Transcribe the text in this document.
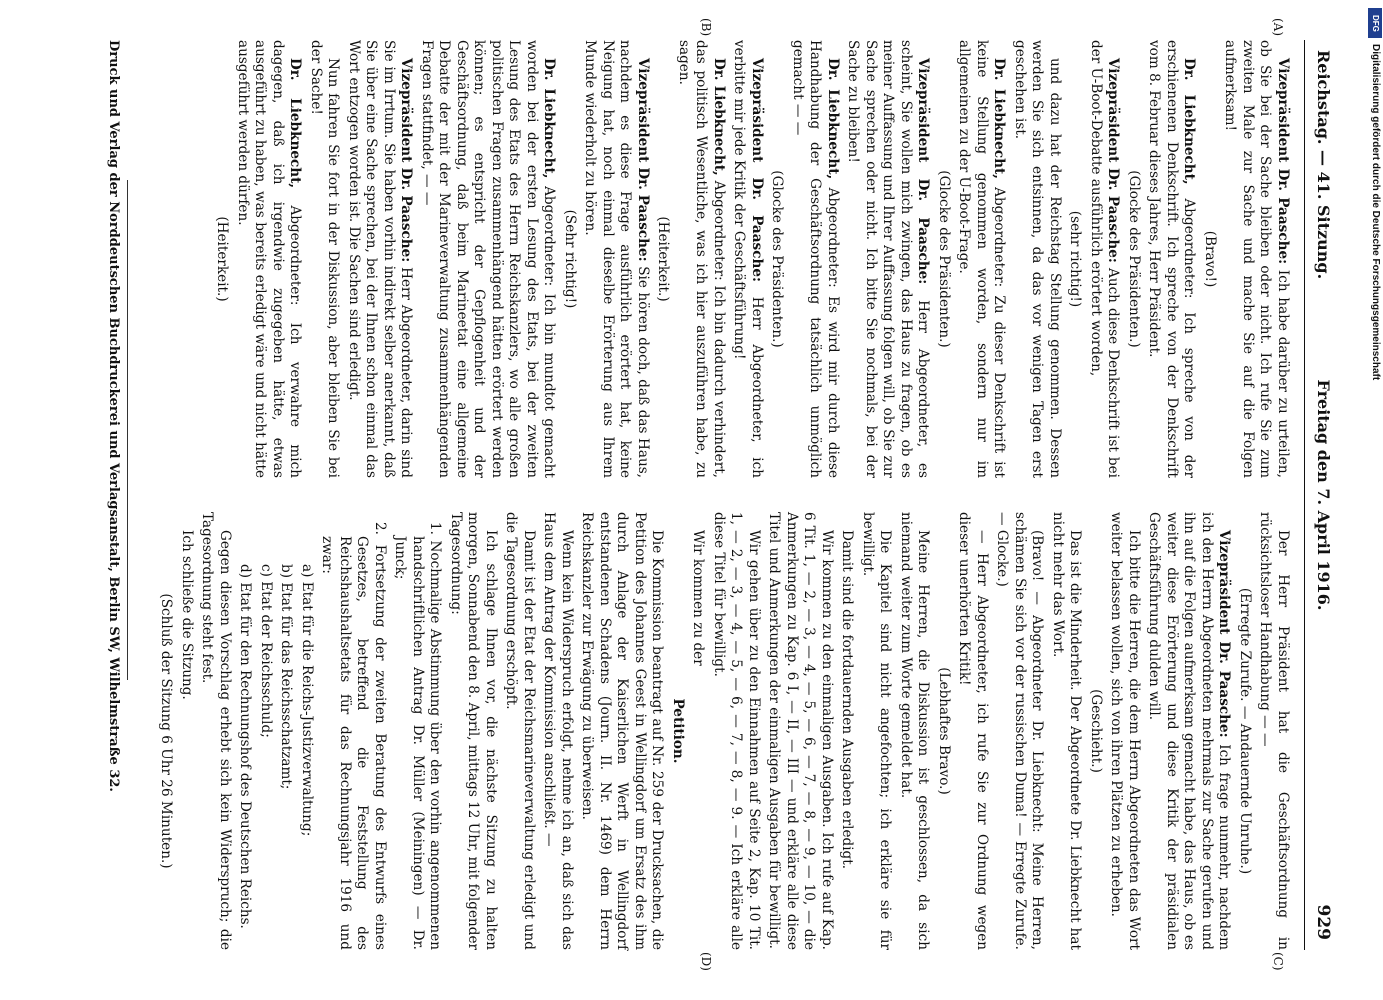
Reichstag. — 41. Sitzung.
Freitag den 7. April 1916.
929
(A)
(B)
(C)
(D)

Vizepräsident Dr. Paasche: Ich habe darüber zu urteilen, ob Sie bei der Sache bleiben oder nicht. Ich rufe Sie zum zweiten Male zur Sache und mache Sie auf die Folgen aufmerksam!

(Bravo!)

Dr. Liebknecht, Abgeordneter: Ich spreche von der erschienenen Denkschrift. Ich spreche von der Denkschrift vom 8. Februar dieses Jahres, Herr Präsident.

(Glocke des Präsidenten.)

Vizepräsident Dr. Paasche: Auch diese Denkschrift ist bei der U-Boot-Debatte ausführlich erörtert worden,

(sehr richtig!)

und dazu hat der Reichstag Stellung genommen. Dessen werden Sie sich entsinnen, da das vor wenigen Tagen erst geschehen ist.

Dr. Liebknecht, Abgeordneter: Zu dieser Denkschrift ist keine Stellung genommen worden, sondern nur im allgemeinen zu der U-Boot-Frage.

(Glocke des Präsidenten.)

Vizepräsident Dr. Paasche: Herr Abgeordneter, es scheint, Sie wollen mich zwingen, das Haus zu fragen, ob es meiner Auffassung und Ihrer Auffassung folgen will, ob Sie zur Sache sprechen oder nicht. Ich bitte Sie nochmals, bei der Sache zu bleiben!

Dr. Liebknecht, Abgeordneter: Es wird mir durch diese Handhabung der Geschäftsordnung tatsächlich unmöglich gemacht — —

(Glocke des Präsidenten.)

Vizepräsident Dr. Paasche: Herr Abgeordneter, ich verbitte mir jede Kritik der Geschäftsführung!

Dr. Liebknecht, Abgeordneter: Ich bin dadurch verhindert, das politisch Wesentliche, was ich hier auszuführen habe, zu sagen.

(Heiterkeit.)

Vizepräsident Dr. Paasche: Sie hören doch, daß das Haus, nachdem es diese Frage ausführlich erörtert hat, keine Neigung hat, noch einmal dieselbe Erörterung aus Ihrem Munde wiederholt zu hören.

(Sehr richtig!)

Dr. Liebknecht, Abgeordneter: Ich bin mundtot gemacht worden bei der ersten Lesung des Etats, bei der zweiten Lesung des Etats des Herrn Reichskanzlers, wo alle großen politischen Fragen zusammenhängend hätten erörtert werden können; es entspricht der Gepflogenheit und der Geschäftsordnung, daß beim Marineetat eine allgemeine Debatte der mit der Marineverwaltung zusammenhängenden Fragen stattfindet, — —

Vizepräsident Dr. Paasche: Herr Abgeordneter, darin sind Sie im Irrtum. Sie haben vorhin indirekt selber anerkannt, daß Sie über eine Sache sprechen, bei der Ihnen schon einmal das Wort entzogen worden ist. Die Sachen sind erledigt.

Nun fahren Sie fort in der Diskussion, aber bleiben Sie bei der Sache!

Dr. Liebknecht, Abgeordneter: Ich verwahre mich dagegen, daß ich irgendwie zugegeben hätte, etwas ausgeführt zu haben, was bereits erledigt wäre und nicht hätte ausgeführt werden dürfen.

(Heiterkeit.)

Der Herr Präsident hat die Geschäftsordnung in rücksichtsloser Handhabung — —

(Erregte Zurufe. — Andauernde Unruhe.)

Vizepräsident Dr. Paasche: Ich frage nunmehr, nachdem ich den Herrn Abgeordneten mehrmals zur Sache gerufen und ihn auf die Folgen aufmerksam gemacht habe, das Haus, ob es weiter diese Erörterung und diese Kritik der präsidialen Geschäftsführung dulden will.

Ich bitte die Herren, die dem Herrn Abgeordneten das Wort weiter belassen wollen, sich von ihren Plätzen zu erheben.

(Geschieht.)

Das ist die Minderheit. Der Abgeordnete Dr. Liebknecht hat nicht mehr das Wort.

(Bravo! — Abgeordneter Dr. Liebknecht: Meine Herren, schämen Sie sich vor der russischen Duma! — Erregte Zurufe. — Glocke.)

— Herr Abgeordneter, ich rufe Sie zur Ordnung wegen dieser unerhörten Kritik!

(Lebhaftes Bravo.)

Meine Herren, die Diskussion ist geschlossen, da sich niemand weiter zum Worte gemeldet hat.

Die Kapitel sind nicht angefochten; ich erkläre sie für bewilligt.

Damit sind die fortdauernden Ausgaben erledigt.

Wir kommen zu den einmaligen Ausgaben. Ich rufe auf Kap. 6 Tit. 1, — 2, — 3, — 4, — 5, — 6, — 7, — 8, — 9, — 10, — die Anmerkungen zu Kap. 6 I, — II, — III — und erkläre alle diese Titel und Anmerkungen der einmaligen Ausgaben für bewilligt.

Wir gehen über zu den Einnahmen auf Seite 2, Kap. 10 Tit. 1, — 2, — 3, — 4, — 5, — 6, — 7, — 8, — 9. — Ich erkläre alle diese Titel für bewilligt.

Wir kommen zu der

Petition.

Die Kommission beantragt auf Nr. 259 der Drucksachen, die Petition des Johannes Geest in Wellingdorf um Ersatz des ihm durch Anlage der Kaiserlichen Werft in Wellingdorf entstandenen Schadens (Journ. II. Nr. 1469) dem Herrn Reichskanzler zur Erwägung zu überweisen.

Wenn kein Widerspruch erfolgt, nehme ich an, daß sich das Haus dem Antrag der Kommission anschließt. —

Damit ist der Etat der Reichsmarineverwaltung erledigt und die Tagesordnung erschöpft.

Ich schlage Ihnen vor, die nächste Sitzung zu halten morgen, Sonnabend den 8. April, mittags 12 Uhr, mit folgender Tagesordnung:

1. Nochmalige Abstimmung über den vorhin angenommenen handschriftlichen Antrag Dr. Müller (Meiningen) — Dr. Junck;

2. Fortsetzung der zweiten Beratung des Entwurfs eines Gesetzes, betreffend die Feststellung des Reichshaushaltsetats für das Rechnungsjahr 1916 und zwar:

a) Etat für die Reichs-Justizverwaltung;

b) Etat für das Reichsschatzamt;

c) Etat der Reichsschuld;

d) Etat für den Rechnungshof des Deutschen Reichs.

Gegen diesen Vorschlag erhebt sich kein Widerspruch; die Tagesordnung steht fest.

Ich schließe die Sitzung.

(Schluß der Sitzung 6 Uhr 26 Minuten.)

Druck und Verlag der Norddeutschen Buchdruckerei und Verlagsanstalt, Berlin SW, Wilhelmstraße 32.
DFG
Digitalisierung gefördert durch die Deutsche Forschungsgemeinschaft
